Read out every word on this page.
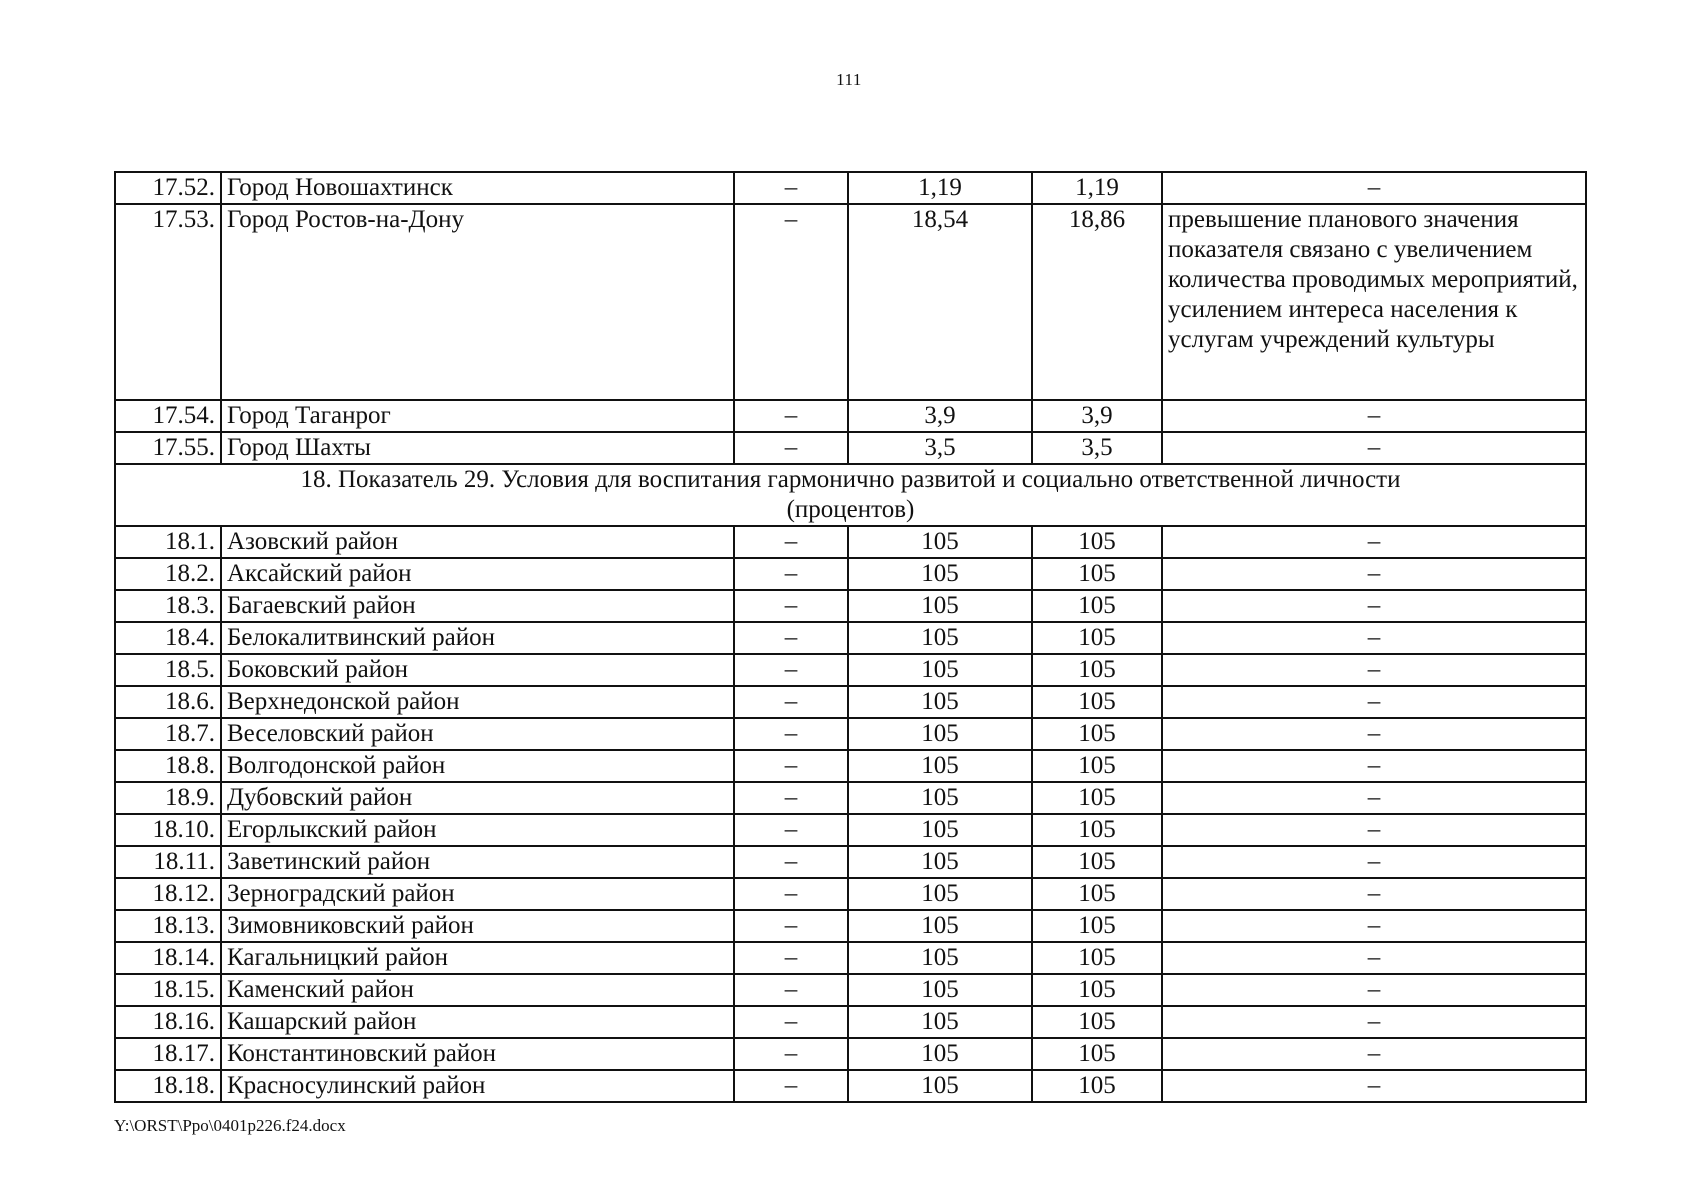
111
17.52.	Город Новошахтинск	–	1,19	1,19	–
17.53.	Город Ростов-на-Дону	–	18,54	18,86	превышение планового значения показателя связано с увеличением количества проводимых мероприятий, усилением интереса населения к услугам учреждений культуры
17.54.	Город Таганрог	–	3,9	3,9	–
17.55.	Город Шахты	–	3,5	3,5	–
18. Показатель 29. Условия для воспитания гармонично развитой и социально ответственной личности (процентов)					
18.1.	Азовский район	–	105	105	–
18.2.	Аксайский район	–	105	105	–
18.3.	Багаевский район	–	105	105	–
18.4.	Белокалитвинский район	–	105	105	–
18.5.	Боковский район	–	105	105	–
18.6.	Верхнедонской район	–	105	105	–
18.7.	Веселовский район	–	105	105	–
18.8.	Волгодонской район	–	105	105	–
18.9.	Дубовский район	–	105	105	–
18.10.	Егорлыкский район	–	105	105	–
18.11.	Заветинский район	–	105	105	–
18.12.	Зерноградский район	–	105	105	–
18.13.	Зимовниковский район	–	105	105	–
18.14.	Кагальницкий район	–	105	105	–
18.15.	Каменский район	–	105	105	–
18.16.	Кашарский район	–	105	105	–
18.17.	Константиновский район	–	105	105	–
18.18.	Красносулинский район	–	105	105	–
Y:\ORST\Ppo\0401p226.f24.docx
